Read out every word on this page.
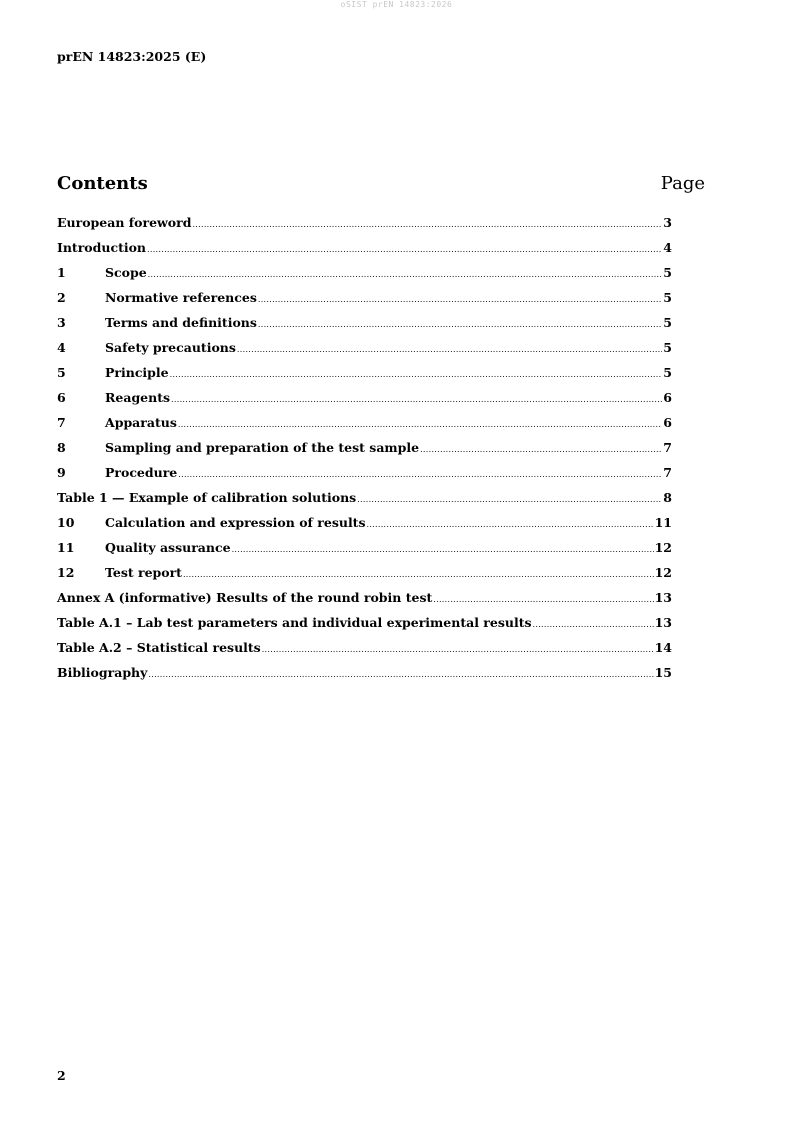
oSIST prEN 14823:2026
prEN 14823:2025 (E)
Contents	Page
European foreword .....	3
Introduction .....	4
1	Scope .....	5
2	Normative references .....	5
3	Terms and definitions .....	5
4	Safety precautions .....	5
5	Principle .....	5
6	Reagents .....	6
7	Apparatus .....	6
8	Sampling and preparation of the test sample .....	7
9	Procedure .....	7
Table 1 — Example of calibration solutions .....	8
10	Calculation and expression of results .....	11
11	Quality assurance .....	12
12	Test report .....	12
Annex A (informative) Results of the round robin test .....	13
Table A.1 – Lab test parameters and individual experimental results .....	13
Table A.2 – Statistical results .....	14
Bibliography .....	15
2
